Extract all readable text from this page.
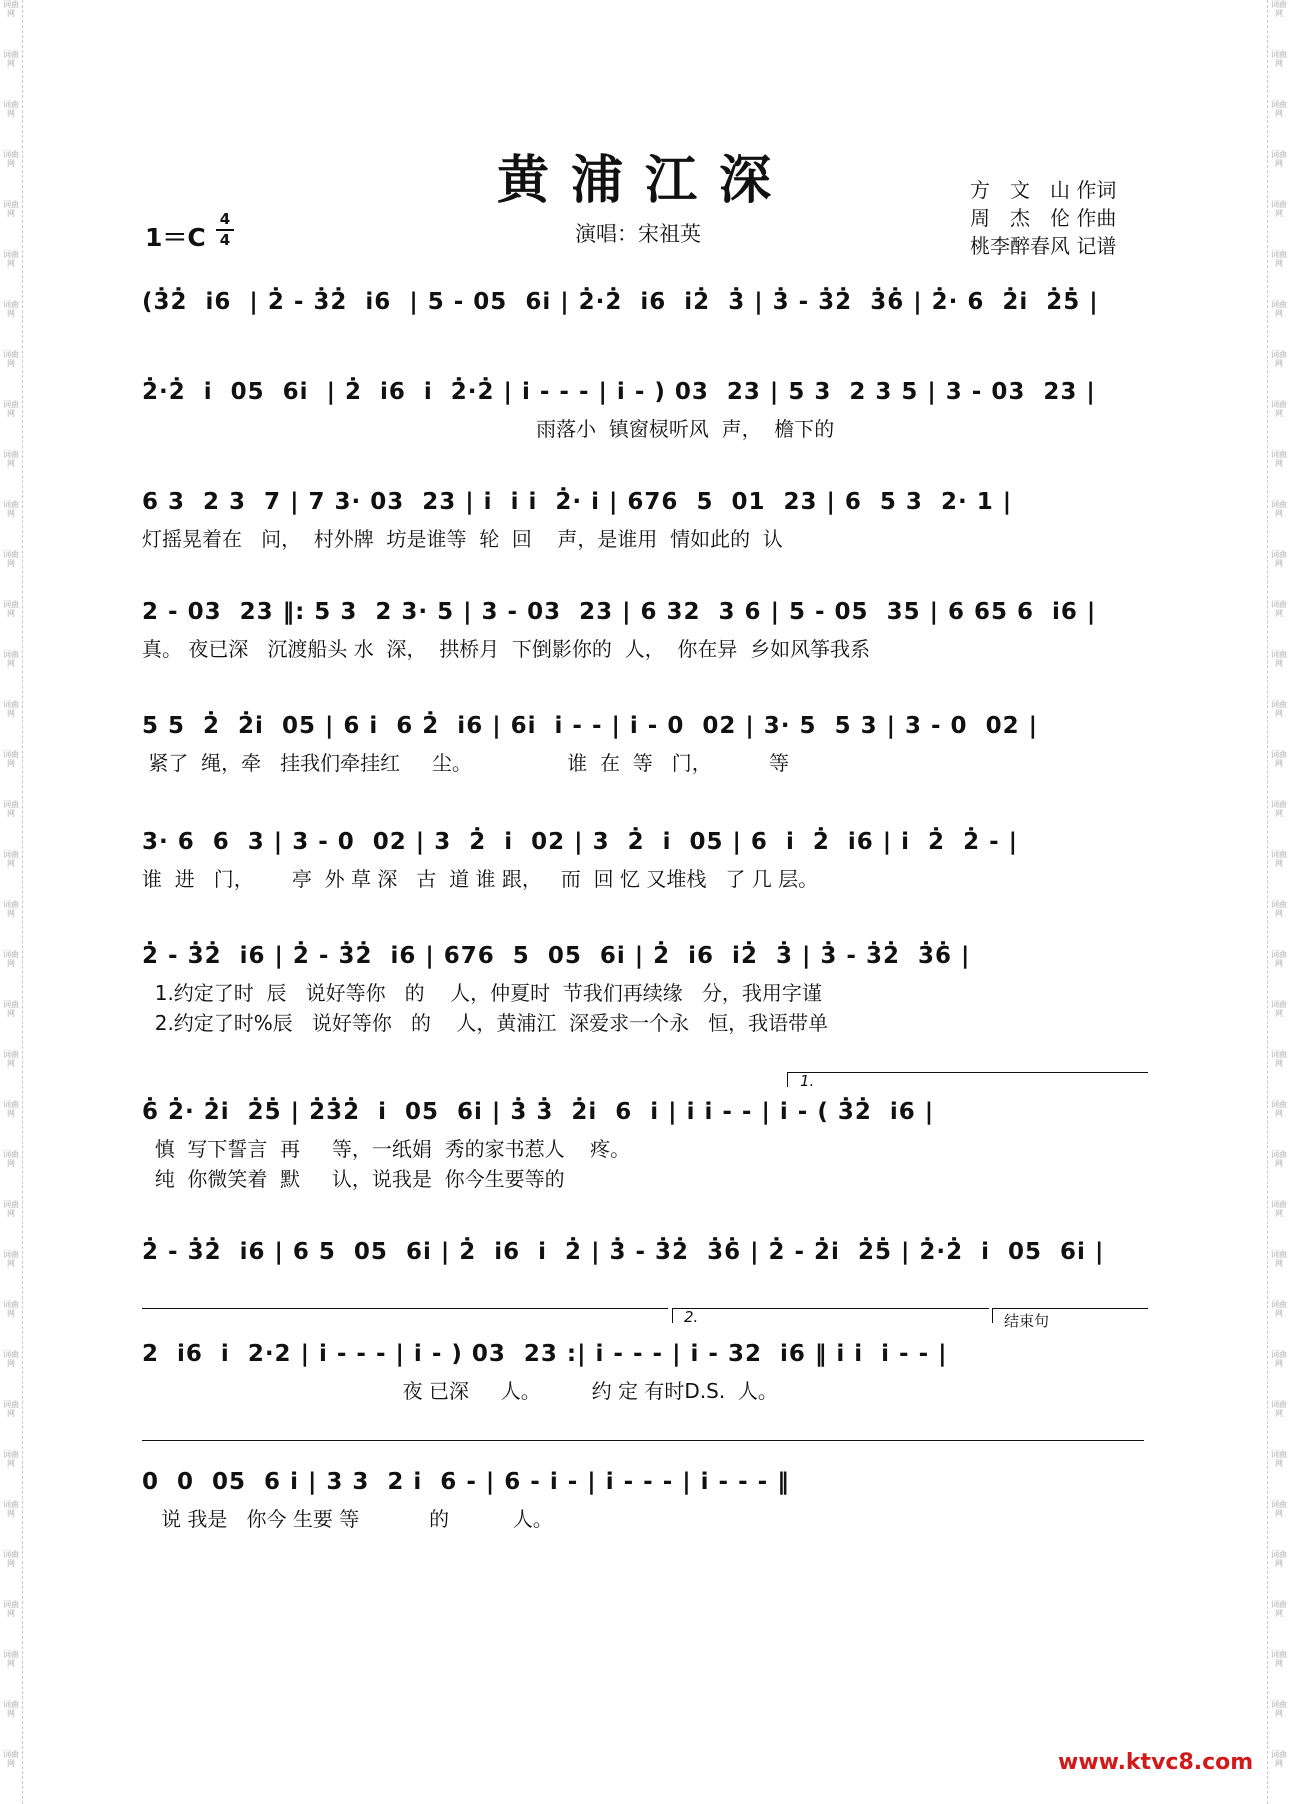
词曲网
词曲网
词曲网
词曲网
词曲网
词曲网
词曲网
词曲网
词曲网
词曲网
词曲网
词曲网
词曲网
词曲网
词曲网
词曲网
词曲网
词曲网
词曲网
词曲网
词曲网
词曲网
词曲网
词曲网
词曲网
词曲网
词曲网
词曲网
词曲网
词曲网
词曲网
词曲网
词曲网
词曲网
词曲网
词曲网
词曲网
词曲网
词曲网
词曲网
词曲网
词曲网
词曲网
词曲网
词曲网
词曲网
词曲网
词曲网
词曲网
词曲网
词曲网
词曲网
词曲网
词曲网
词曲网
词曲网
词曲网
词曲网
词曲网
词曲网
词曲网
词曲网
词曲网
词曲网
词曲网
词曲网
词曲网
词曲网
词曲网
词曲网
词曲网
词曲网
黄浦江深
1＝C
4
4	演唱：宋祖英
方　文　山 作词
周　杰　伦 作曲
桃李醉春风 记谱
(3̇2̇  i6  | 2̇ - 3̇2̇  i6  | 5 - 05  6i | 2̇·2̇  i6  i2̇  3̇ | 3̇ - 3̇2̇  3̇6̇ | 2̇· 6  2̇i  2̇5̇ |
2̇·2̇  i  05  6i  | 2̇  i6  i  2̇·2̇ | i - - - | i - ) 03  23 | 5 3  2 3 5 | 3 - 03  23 |
雨落小  镇窗棂听风  声，  檐下的
6 3  2 3  7 | 7 3· 03  23 | i  i i  2̇· i | 676  5  01  23 | 6  5 3  2· 1 |
灯摇晃着在   问，  村外牌  坊是谁等  轮  回    声，是谁用  情如此的  认
2 - 03  23 ‖: 5 3  2 3· 5 | 3 - 03  23 | 6 32  3 6 | 5 - 05  35 | 6 65 6  i6 |
真。 夜已深   沉渡船头 水  深，  拱桥月  下倒影你的  人，  你在异  乡如风筝我系
5 5  2̇  2̇i  05 | 6 i  6 2̇  i6 | 6i  i - - | i - 0  02 | 3· 5  5 3 | 3 - 0  02 |
紧了  绳，牵   挂我们牵挂红     尘。               谁  在  等   门，         等
3· 6  6  3 | 3 - 0  02 | 3  2̇  i  02 | 3  2̇  i  05 | 6  i  2̇  i6 | i  2̇  2̇ - |
谁  进   门，      亭  外 草 深   古  道 谁 跟，   而  回 忆 又堆栈   了 几 层。
2̇ - 3̇2̇  i6 | 2̇ - 3̇2̇  i6 | 676  5  05  6i | 2̇  i6  i2̇  3̇ | 3̇ - 3̇2̇  3̇6̇ |
1.约定了时  辰   说好等你   的    人，仲夏时  节我们再续缘   分，我用字谨
2.约定了时%辰   说好等你   的    人，黄浦江  深爱求一个永   恒，我语带单
1.
6̇ 2̇· 2̇i  2̇5̇ | 2̇3̇2̇  i  05  6i | 3̇ 3̇  2̇i  6  i | i i - - | i - ( 3̇2̇  i6 |
慎  写下誓言  再     等，一纸娟  秀的家书惹人    疼。
纯  你微笑着  默     认，说我是  你今生要等的
2̇ - 3̇2̇  i6 | 6 5  05  6i | 2̇  i6  i  2̇ | 3̇ - 3̇2̇  3̇6̇ | 2̇ - 2̇i  2̇5̇ | 2̇·2̇  i  05  6i |
2.	结束句
2  i6  i  2·2 | i - - - | i - ) 03  23 :| i - - - | i - 32  i6 ‖ i i  i - - |
夜 已深     人。        约 定 有时D.S.  人。
0  0  05  6 i | 3 3  2 i  6 - | 6 - i - | i - - - | i - - - ‖
说 我是   你今 生要 等           的          人。
www.ktvc8.com
